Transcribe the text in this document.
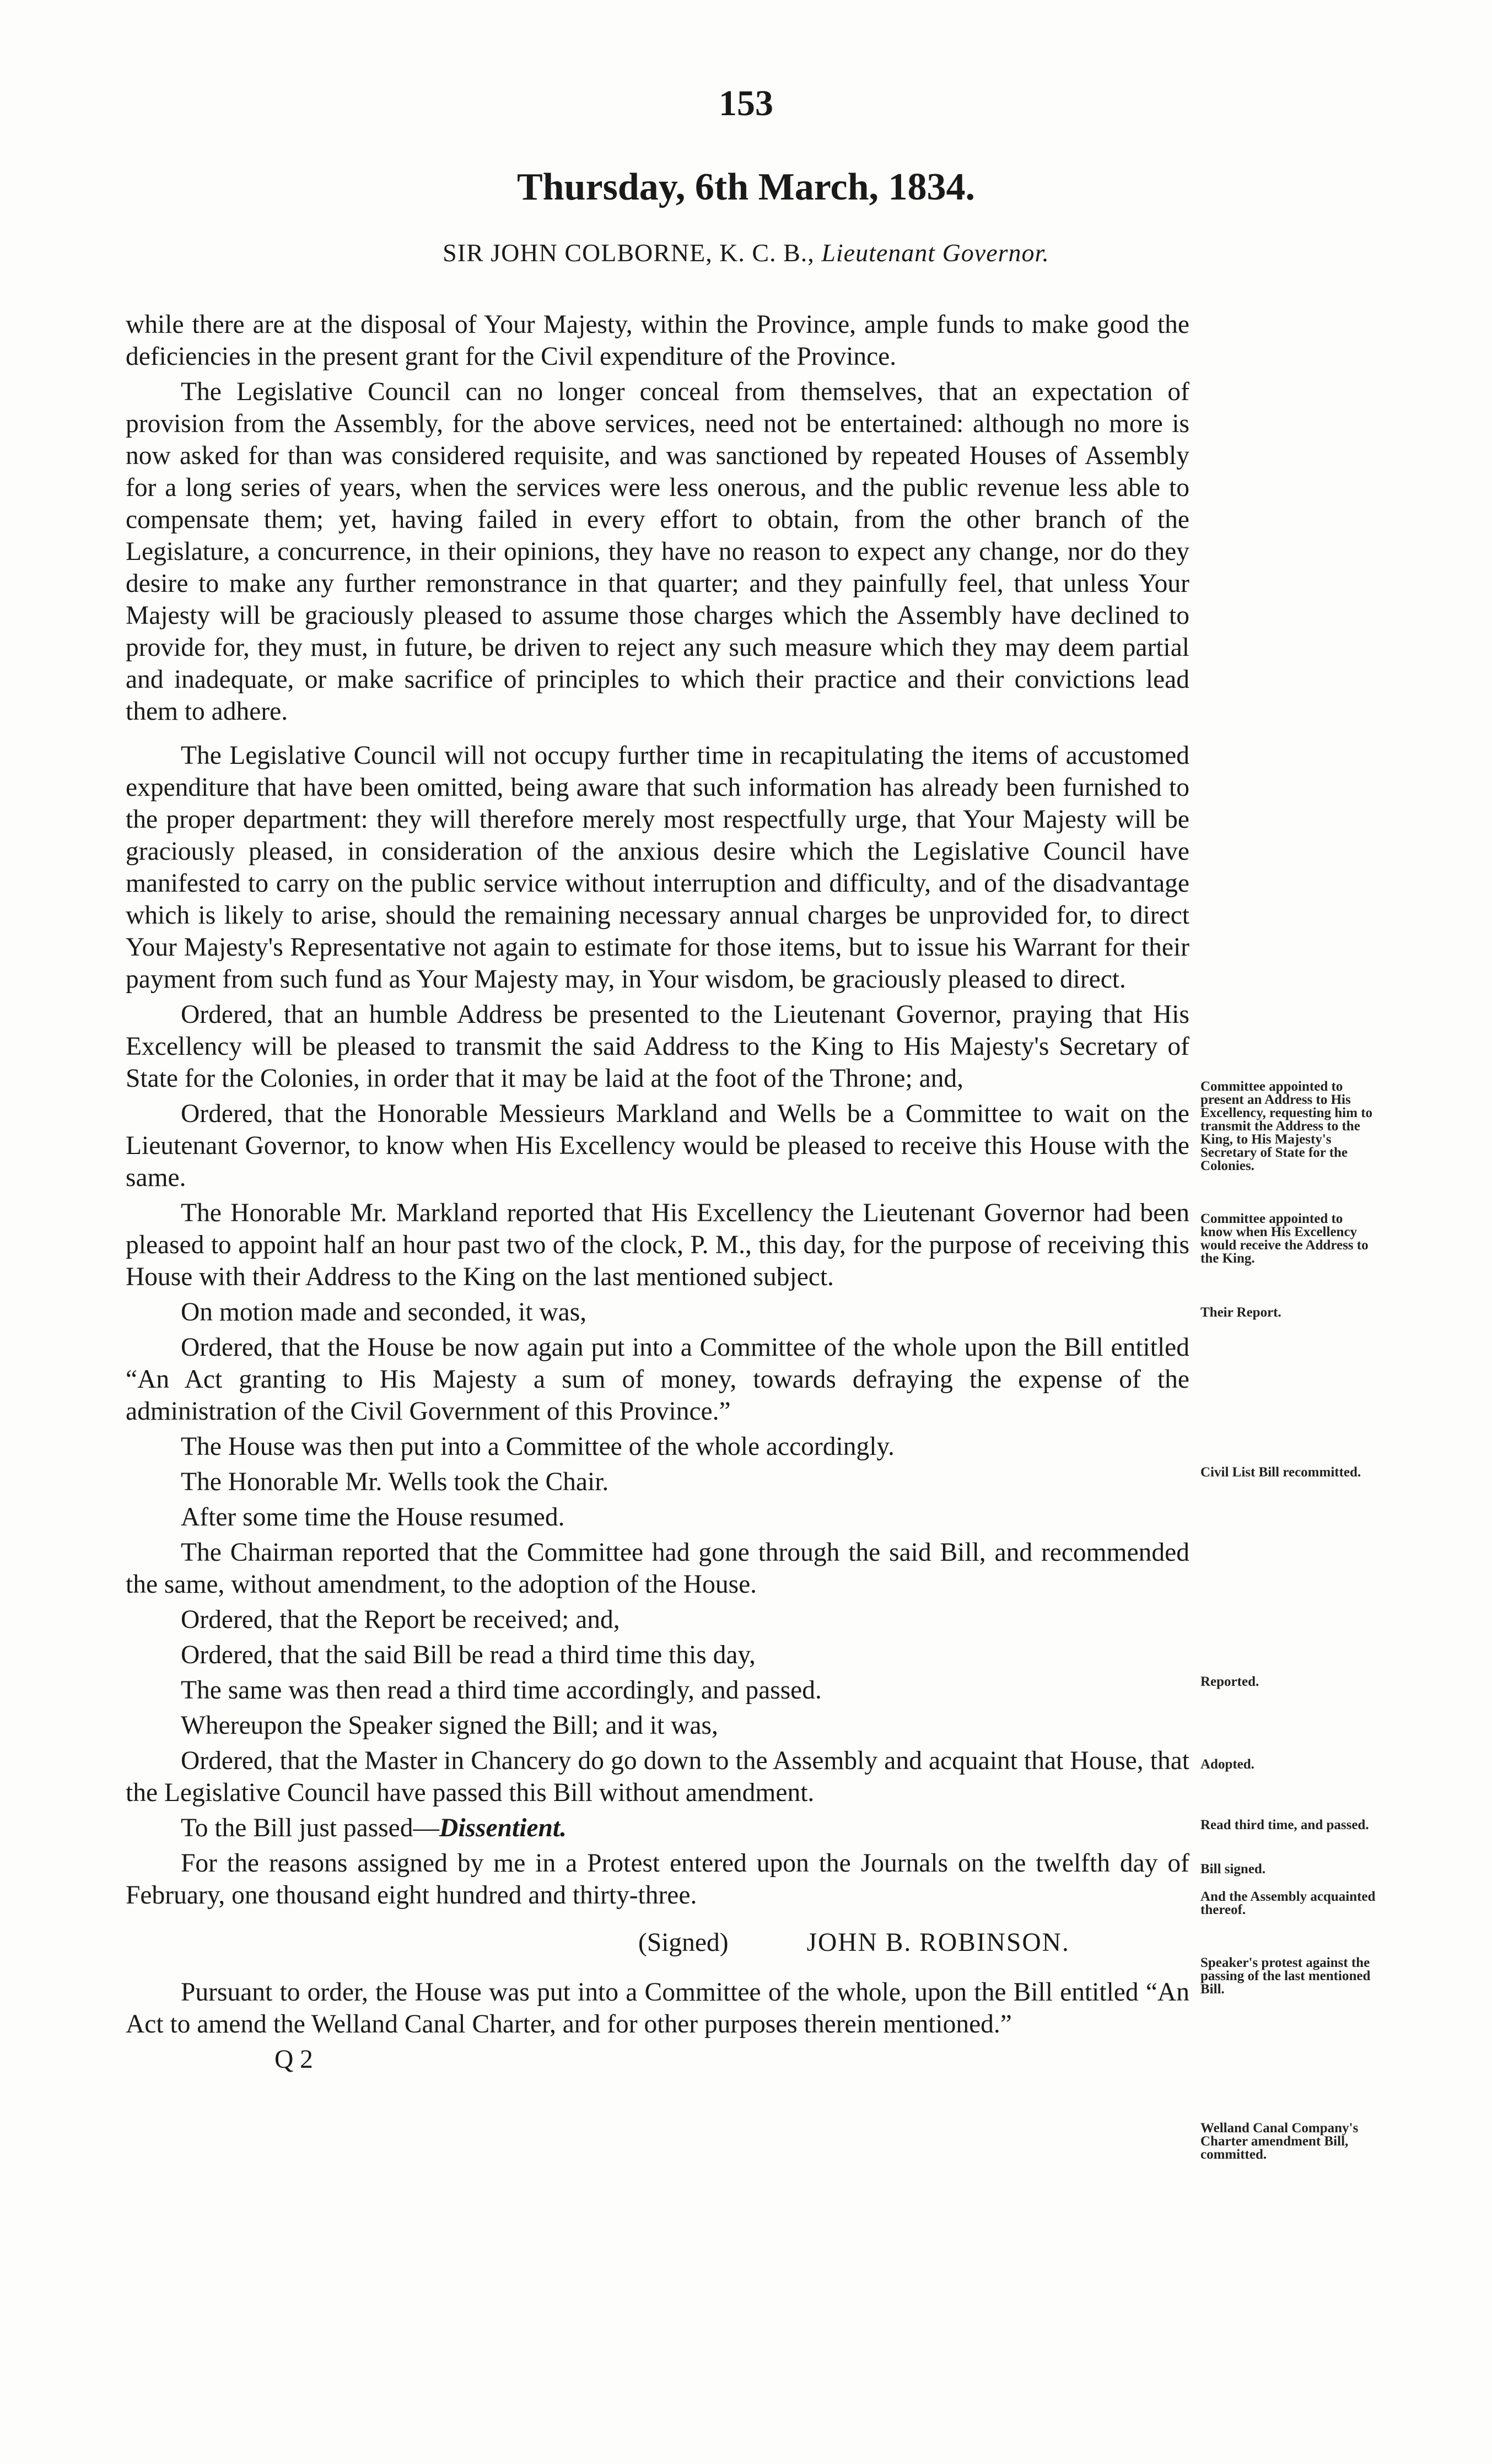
153
Thursday, 6th March, 1834.
SIR JOHN COLBORNE, K. C. B., Lieutenant Governor.

while there are at the disposal of Your Majesty, within the Province, ample funds to make good the deficiencies in the present grant for the Civil expenditure of the Province.

The Legislative Council can no longer conceal from themselves, that an expectation of provision from the Assembly, for the above services, need not be entertained: although no more is now asked for than was considered requisite, and was sanctioned by repeated Houses of Assembly for a long series of years, when the services were less onerous, and the public revenue less able to compensate them; yet, having failed in every effort to obtain, from the other branch of the Legislature, a concurrence, in their opinions, they have no reason to expect any change, nor do they desire to make any further remonstrance in that quarter; and they painfully feel, that unless Your Majesty will be graciously pleased to assume those charges which the Assembly have declined to provide for, they must, in future, be driven to reject any such measure which they may deem partial and inadequate, or make sacrifice of principles to which their practice and their convictions lead them to adhere.

The Legislative Council will not occupy further time in recapitulating the items of accustomed expenditure that have been omitted, being aware that such information has already been furnished to the proper department: they will therefore merely most respectfully urge, that Your Majesty will be graciously pleased, in consideration of the anxious desire which the Legislative Council have manifested to carry on the public service without interruption and difficulty, and of the disadvantage which is likely to arise, should the remaining necessary annual charges be unprovided for, to direct Your Majesty's Representative not again to estimate for those items, but to issue his Warrant for their payment from such fund as Your Majesty may, in Your wisdom, be graciously pleased to direct.

Ordered, that an humble Address be presented to the Lieutenant Governor, praying that His Excellency will be pleased to transmit the said Address to the King to His Majesty's Secretary of State for the Colonies, in order that it may be laid at the foot of the Throne; and,

Ordered, that the Honorable Messieurs Markland and Wells be a Committee to wait on the Lieutenant Governor, to know when His Excellency would be pleased to receive this House with the same.

The Honorable Mr. Markland reported that His Excellency the Lieutenant Governor had been pleased to appoint half an hour past two of the clock, P. M., this day, for the purpose of receiving this House with their Address to the King on the last mentioned subject.

On motion made and seconded, it was,

Ordered, that the House be now again put into a Committee of the whole upon the Bill entitled “An Act granting to His Majesty a sum of money, towards defraying the expense of the administration of the Civil Government of this Province.”

The House was then put into a Committee of the whole accordingly.

The Honorable Mr. Wells took the Chair.

After some time the House resumed.

The Chairman reported that the Committee had gone through the said Bill, and recommended the same, without amendment, to the adoption of the House.

Ordered, that the Report be received; and,

Ordered, that the said Bill be read a third time this day,

The same was then read a third time accordingly, and passed.

Whereupon the Speaker signed the Bill; and it was,

Ordered, that the Master in Chancery do go down to the Assembly and acquaint that House, that the Legislative Council have passed this Bill without amendment.

To the Bill just passed—Dissentient.

For the reasons assigned by me in a Protest entered upon the Journals on the twelfth day of February, one thousand eight hundred and thirty-three.

(Signed)	JOHN B. ROBINSON.

Pursuant to order, the House was put into a Committee of the whole, upon the Bill entitled “An Act to amend the Welland Canal Charter, and for other purposes therein mentioned.”

Q 2
Committee appointed to present an Address to His Excellency, requesting him to transmit the Address to the King, to His Majesty's Secretary of State for the Colonies.
Committee appointed to know when His Excellency would receive the Address to the King.
Their Report.
Civil List Bill recommitted.
Reported.
Adopted.
Read third time, and passed.
Bill signed.
And the Assembly acquainted thereof.
Speaker's protest against the passing of the last mentioned Bill.
Welland Canal Company's Charter amendment Bill, committed.
